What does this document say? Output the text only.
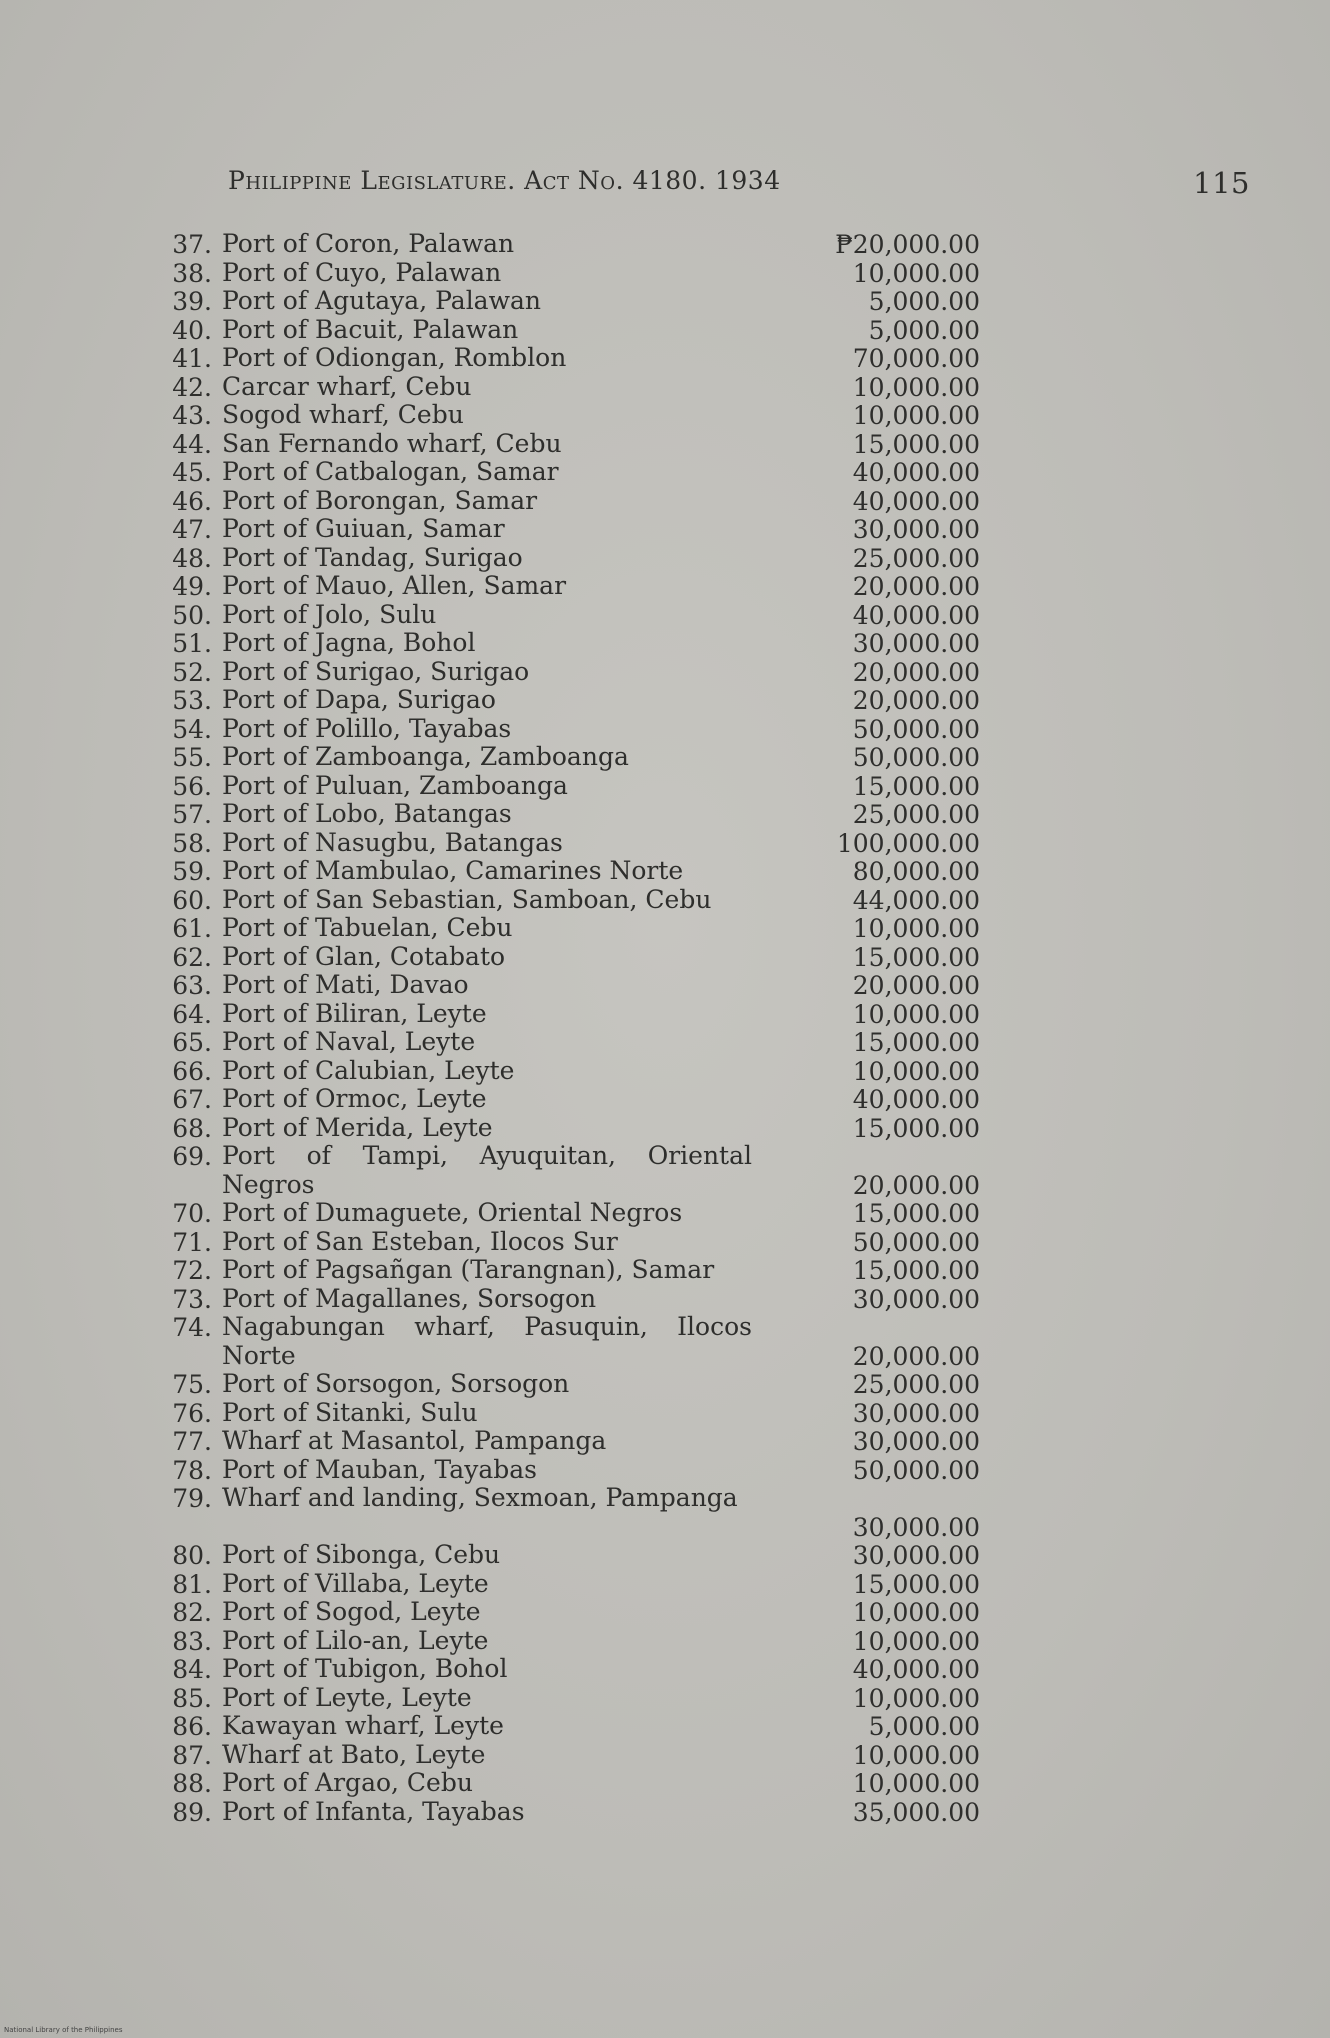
Philippine Legislature. Act No. 4180. 1934	115
37. Port of Coron, Palawan	₱20,000.00
38. Port of Cuyo, Palawan	10,000.00
39. Port of Agutaya, Palawan	5,000.00
40. Port of Bacuit, Palawan	5,000.00
41. Port of Odiongan, Romblon	70,000.00
42. Carcar wharf, Cebu	10,000.00
43. Sogod wharf, Cebu	10,000.00
44. San Fernando wharf, Cebu	15,000.00
45. Port of Catbalogan, Samar	40,000.00
46. Port of Borongan, Samar	40,000.00
47. Port of Guiuan, Samar	30,000.00
48. Port of Tandag, Surigao	25,000.00
49. Port of Mauo, Allen, Samar	20,000.00
50. Port of Jolo, Sulu	40,000.00
51. Port of Jagna, Bohol	30,000.00
52. Port of Surigao, Surigao	20,000.00
53. Port of Dapa, Surigao	20,000.00
54. Port of Polillo, Tayabas	50,000.00
55. Port of Zamboanga, Zamboanga	50,000.00
56. Port of Puluan, Zamboanga	15,000.00
57. Port of Lobo, Batangas	25,000.00
58. Port of Nasugbu, Batangas	100,000.00
59. Port of Mambulao, Camarines Norte	80,000.00
60. Port of San Sebastian, Samboan, Cebu	44,000.00
61. Port of Tabuelan, Cebu	10,000.00
62. Port of Glan, Cotabato	15,000.00
63. Port of Mati, Davao	20,000.00
64. Port of Biliran, Leyte	10,000.00
65. Port of Naval, Leyte	15,000.00
66. Port of Calubian, Leyte	10,000.00
67. Port of Ormoc, Leyte	40,000.00
68. Port of Merida, Leyte	15,000.00
69. Port of Tampi, Ayuquitan, Oriental Negros	20,000.00
70. Port of Dumaguete, Oriental Negros	15,000.00
71. Port of San Esteban, Ilocos Sur	50,000.00
72. Port of Pagsañgan (Tarangnan), Samar	15,000.00
73. Port of Magallanes, Sorsogon	30,000.00
74. Nagabungan wharf, Pasuquin, Ilocos Norte	20,000.00
75. Port of Sorsogon, Sorsogon	25,000.00
76. Port of Sitanki, Sulu	30,000.00
77. Wharf at Masantol, Pampanga	30,000.00
78. Port of Mauban, Tayabas	50,000.00
79. Wharf and landing, Sexmoan, Pampanga
30,000.00
80. Port of Sibonga, Cebu	30,000.00
81. Port of Villaba, Leyte	15,000.00
82. Port of Sogod, Leyte	10,000.00
83. Port of Lilo-an, Leyte	10,000.00
84. Port of Tubigon, Bohol	40,000.00
85. Port of Leyte, Leyte	10,000.00
86. Kawayan wharf, Leyte	5,000.00
87. Wharf at Bato, Leyte	10,000.00
88. Port of Argao, Cebu	10,000.00
89. Port of Infanta, Tayabas	35,000.00
National Library of the Philippines
